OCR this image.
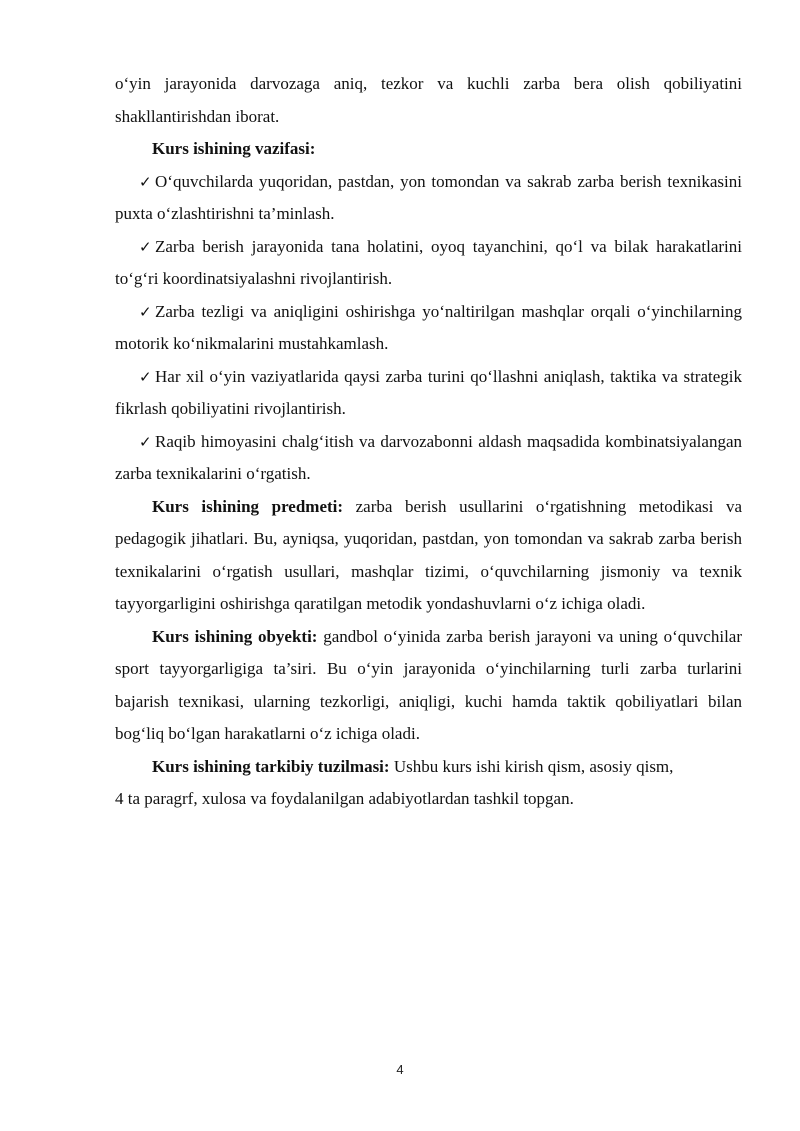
o‘yin jarayonida darvozaga aniq, tezkor va kuchli zarba bera olish qobiliyatini shakllantirishdan iborat.

Kurs ishining vazifasi:

✓ O‘quvchilarda yuqoridan, pastdan, yon tomondan va sakrab zarba berish texnikasini puxta o‘zlashtirishni ta’minlash.

✓ Zarba berish jarayonida tana holatini, oyoq tayanchini, qo‘l va bilak harakatlarini to‘g‘ri koordinatsiyalashni rivojlantirish.

✓ Zarba tezligi va aniqligini oshirishga yo‘naltirilgan mashqlar orqali o‘yinchilarning motorik ko‘nikmalarini mustahkamlash.

✓ Har xil o‘yin vaziyatlarida qaysi zarba turini qo‘llashni aniqlash, taktika va strategik fikrlash qobiliyatini rivojlantirish.

✓ Raqib himoyasini chalg‘itish va darvozabonni aldash maqsadida kombinatsiyalangan zarba texnikalarini o‘rgatish.

Kurs ishining predmeti: zarba berish usullarini o‘rgatishning metodikasi va pedagogik jihatlari. Bu, ayniqsa, yuqoridan, pastdan, yon tomondan va sakrab zarba berish texnikalarini o‘rgatish usullari, mashqlar tizimi, o‘quvchilarning jismoniy va texnik tayyorgarligini oshirishga qaratilgan metodik yondashuvlarni o‘z ichiga oladi.

Kurs ishining obyekti: gandbol o‘yinida zarba berish jarayoni va uning o‘quvchilar sport tayyorgarligiga ta’siri. Bu o‘yin jarayonida o‘yinchilarning turli zarba turlarini bajarish texnikasi, ularning tezkorligi, aniqligi, kuchi hamda taktik qobiliyatlari bilan bog‘liq bo‘lgan harakatlarni o‘z ichiga oladi.

Kurs ishining tarkibiy tuzilmasi: Ushbu kurs ishi kirish qism, asosiy qism,

4 ta paragrf, xulosa va foydalanilgan adabiyotlardan tashkil topgan.

4
